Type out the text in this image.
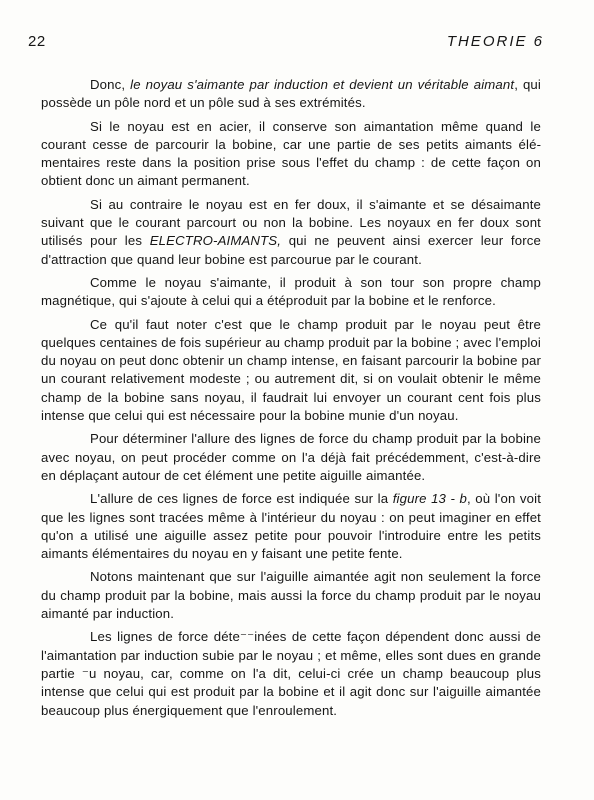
22	THEORIE 6

Donc, le noyau s'aimante par induction et devient un véritable aimant, qui possède un pôle nord et un pôle sud à ses extrémités.

Si le noyau est en acier, il conserve son aimantation même quand le courant cesse de parcourir la bobine, car une partie de ses petits aimants élémentaires reste dans la position prise sous l'effet du champ : de cette façon on obtient donc un aimant permanent.

Si au contraire le noyau est en fer doux, il s'aimante et se désaimante suivant que le courant parcourt ou non la bobine. Les noyaux en fer doux sont utilisés pour les ELECTRO-AIMANTS, qui ne peuvent ainsi exercer leur force d'attraction que quand leur bobine est parcourue par le courant.

Comme le noyau s'aimante, il produit à son tour son propre champ magnétique, qui s'ajoute à celui qui a étéproduit par la bobine et le renforce.

Ce qu'il faut noter c'est que le champ produit par le noyau peut être quelques centaines de fois supérieur au champ produit par la bobine ; avec l'emploi du noyau on peut donc obtenir un champ intense, en faisant parcourir la bobine par un courant relativement modeste ; ou autrement dit, si on voulait obtenir le même champ de la bobine sans noyau, il faudrait lui envoyer un courant cent fois plus intense que celui qui est nécessaire pour la bobine munie d'un noyau.

Pour déterminer l'allure des lignes de force du champ produit par la bobine avec noyau, on peut procéder comme on l'a déjà fait précédemment, c'est-à-dire en déplaçant autour de cet élément une petite aiguille aimantée.

L'allure de ces lignes de force est indiquée sur la figure 13 - b, où l'on voit que les lignes sont tracées même à l'intérieur du noyau : on peut imaginer en effet qu'on a utilisé une aiguille assez petite pour pouvoir l'introduire entre les petits aimants élémentaires du noyau en y faisant une petite fente.

Notons maintenant que sur l'aiguille aimantée agit non seulement la force du champ produit par la bobine, mais aussi la force du champ produit par le noyau aimanté par induction.

Les lignes de force déte⁻⁻inées de cette façon dépendent donc aussi de l'aimantation par induction subie par le noyau ; et même, elles sont dues en grande partie ⁻u noyau, car, comme on l'a dit, celui-ci crée un champ beaucoup plus intense que celui qui est produit par la bobine et il agit donc sur l'aiguille aimantée beaucoup plus énergiquement que l'enroulement.
